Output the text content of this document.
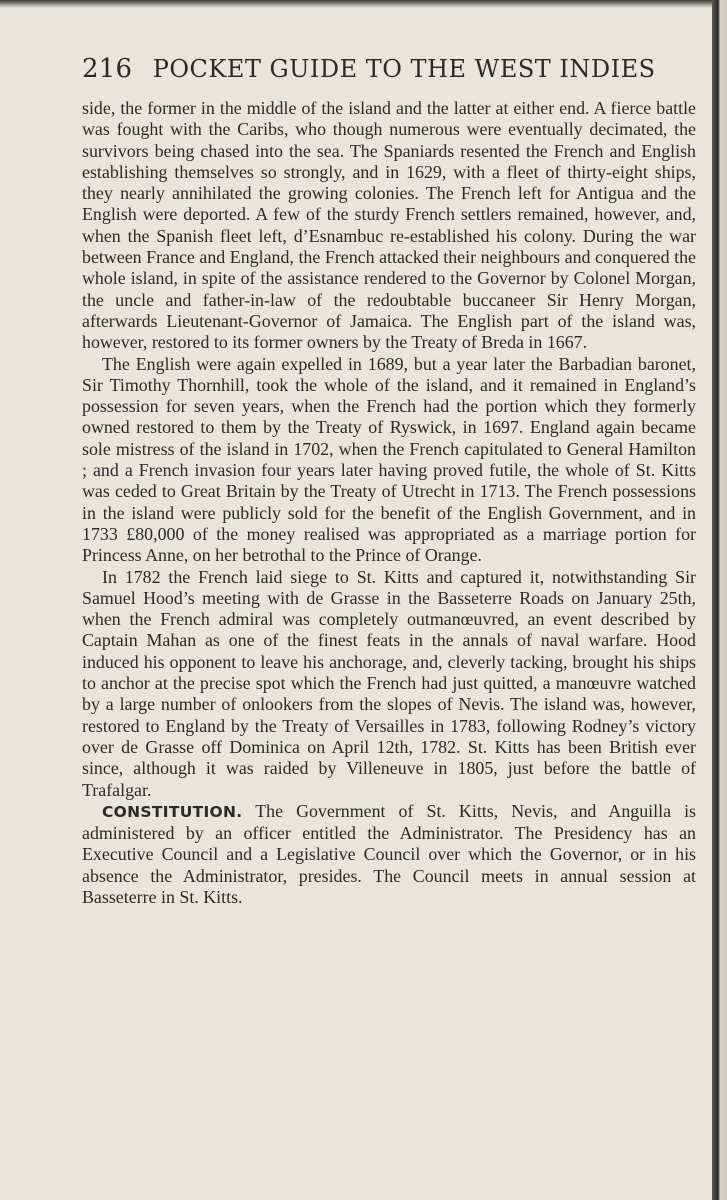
216 POCKET GUIDE TO THE WEST INDIES

side, the former in the middle of the island and the latter at either end. A fierce battle was fought with the Caribs, who though numerous were eventually decimated, the survivors being chased into the sea. The Spaniards resented the French and English establishing themselves so strongly, and in 1629, with a fleet of thirty-eight ships, they nearly annihilated the growing colonies. The French left for Antigua and the English were deported. A few of the sturdy French settlers remained, however, and, when the Spanish fleet left, d’Esnambuc re-established his colony. During the war between France and England, the French attacked their neighbours and conquered the whole island, in spite of the assistance rendered to the Governor by Colonel Morgan, the uncle and father-in-law of the redoubtable buccaneer Sir Henry Morgan, afterwards Lieutenant-Governor of Jamaica. The English part of the island was, however, restored to its former owners by the Treaty of Breda in 1667.

The English were again expelled in 1689, but a year later the Barbadian baronet, Sir Timothy Thornhill, took the whole of the island, and it remained in England’s possession for seven years, when the French had the portion which they formerly owned restored to them by the Treaty of Ryswick, in 1697. England again became sole mistress of the island in 1702, when the French capitulated to General Hamilton ; and a French invasion four years later having proved futile, the whole of St. Kitts was ceded to Great Britain by the Treaty of Utrecht in 1713. The French possessions in the island were publicly sold for the benefit of the English Government, and in 1733 £80,000 of the money realised was appropriated as a marriage portion for Princess Anne, on her betrothal to the Prince of Orange.

In 1782 the French laid siege to St. Kitts and captured it, notwithstanding Sir Samuel Hood’s meeting with de Grasse in the Basseterre Roads on January 25th, when the French admiral was completely outmanœuvred, an event described by Captain Mahan as one of the finest feats in the annals of naval warfare. Hood induced his opponent to leave his anchorage, and, cleverly tacking, brought his ships to anchor at the precise spot which the French had just quitted, a manœuvre watched by a large number of onlookers from the slopes of Nevis. The island was, however, restored to England by the Treaty of Versailles in 1783, following Rodney’s victory over de Grasse off Dominica on April 12th, 1782. St. Kitts has been British ever since, although it was raided by Villeneuve in 1805, just before the battle of Trafalgar.

CONSTITUTION. The Government of St. Kitts, Nevis, and Anguilla is administered by an officer entitled the Administrator. The Presidency has an Executive Council and a Legislative Council over which the Governor, or in his absence the Administrator, presides. The Council meets in annual session at Basseterre in St. Kitts.
